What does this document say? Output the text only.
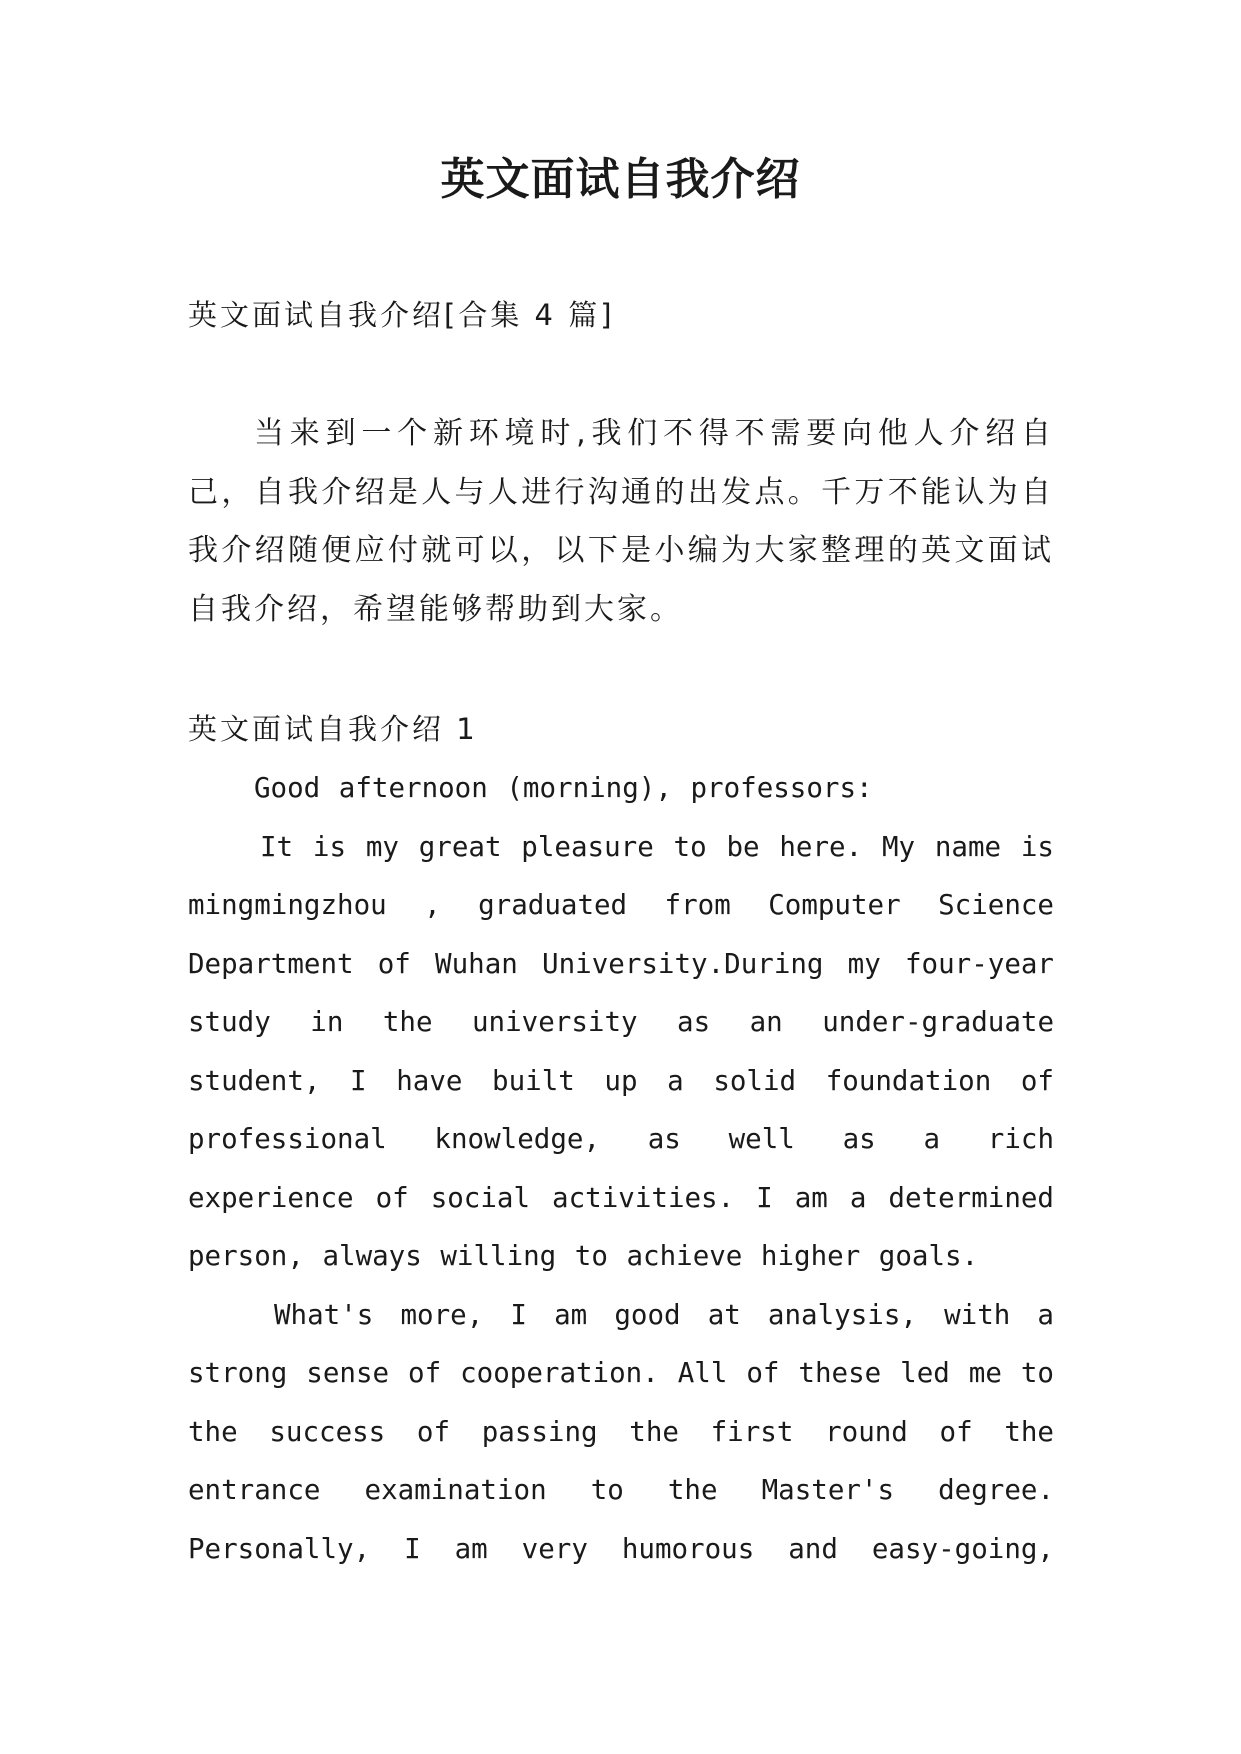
英文面试自我介绍

英文面试自我介绍[合集 4 篇]

当来到一个新环境时,我们不得不需要向他人介绍自己，自我介绍是人与人进行沟通的出发点。千万不能认为自我介绍随便应付就可以，以下是小编为大家整理的英文面试自我介绍，希望能够帮助到大家。

英文面试自我介绍 1

Good afternoon (morning), professors:

It is my great pleasure to be here. My name is mingmingzhou , graduated from Computer Science Department of Wuhan University.During my four-year study in the university as an under-graduate student, I have built up a solid foundation of professional knowledge, as well as a rich experience of social activities. I am a determined person, always willing to achieve higher goals.

What's more, I am good at analysis, with a strong sense of cooperation. All of these led me to the success of passing the first round of the entrance examination to the Master's degree. Personally, I am very humorous and easy-going,
